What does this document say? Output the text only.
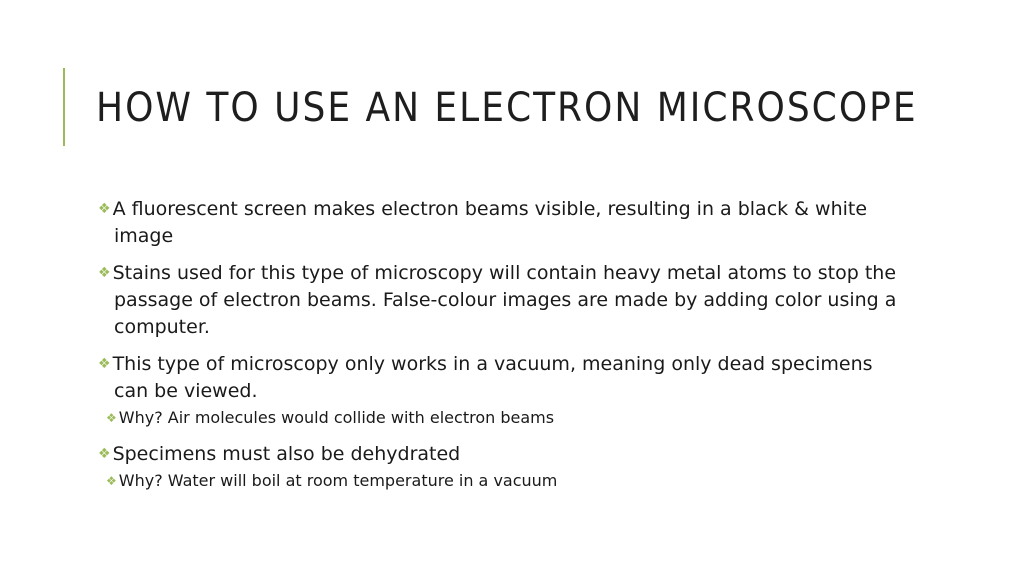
HOW TO USE AN ELECTRON MICROSCOPE
❖ A fluorescent screen makes electron beams visible, resulting in a black & white image
❖ Stains used for this type of microscopy will contain heavy metal atoms to stop the passage of electron beams. False-colour images are made by adding color using a computer.
❖ This type of microscopy only works in a vacuum, meaning only dead specimens can be viewed.
❖ Why? Air molecules would collide with electron beams
❖ Specimens must also be dehydrated
❖ Why? Water will boil at room temperature in a vacuum
